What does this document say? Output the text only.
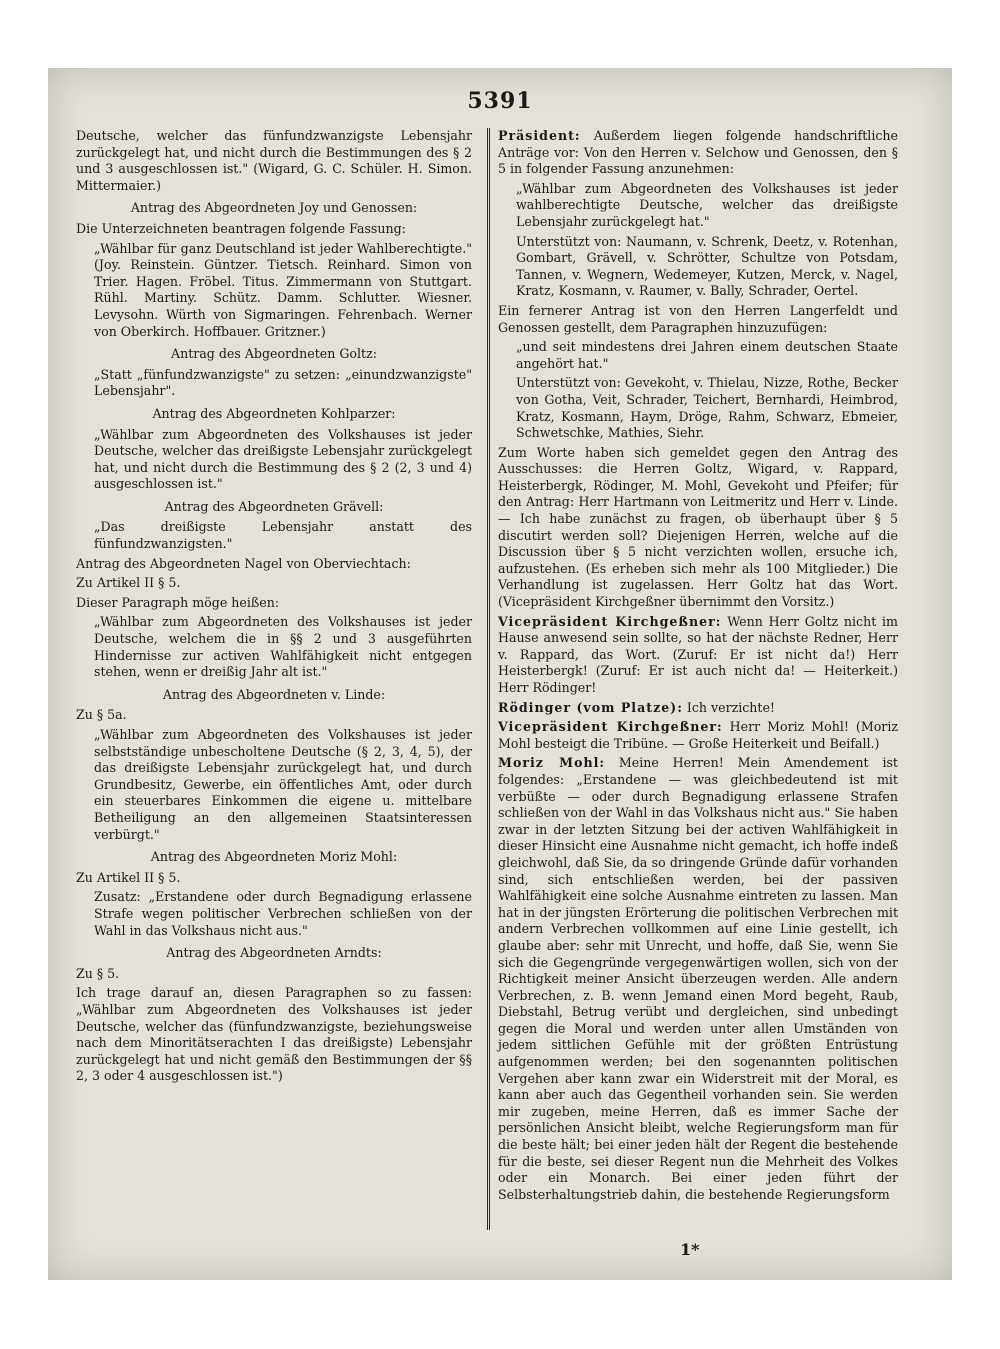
5391

Deutsche, welcher das fünfundzwanzigste Lebensjahr zurückgelegt hat, und nicht durch die Bestimmungen des § 2 und 3 ausgeschlossen ist." (Wigard, G. C. Schüler. H. Simon. Mittermaier.)

Antrag des Abgeordneten Joy und Genossen:

Die Unterzeichneten beantragen folgende Fassung:

„Wählbar für ganz Deutschland ist jeder Wahlberechtigte." (Joy. Reinstein. Güntzer. Tietsch. Reinhard. Simon von Trier. Hagen. Fröbel. Titus. Zimmermann von Stuttgart. Rühl. Martiny. Schütz. Damm. Schlutter. Wiesner. Levysohn. Würth von Sigmaringen. Fehrenbach. Werner von Oberkirch. Hoffbauer. Gritzner.)

Antrag des Abgeordneten Goltz:

„Statt „fünfundzwanzigste" zu setzen: „einundzwanzigste" Lebensjahr".

Antrag des Abgeordneten Kohlparzer:

„Wählbar zum Abgeordneten des Volkshauses ist jeder Deutsche, welcher das dreißigste Lebensjahr zurückgelegt hat, und nicht durch die Bestimmung des § 2 (2, 3 und 4) ausgeschlossen ist."

Antrag des Abgeordneten Grävell:

„Das dreißigste Lebensjahr anstatt des fünfundzwanzigsten."

Antrag des Abgeordneten Nagel von Oberviechtach:

Zu Artikel II § 5.

Dieser Paragraph möge heißen:

„Wählbar zum Abgeordneten des Volkshauses ist jeder Deutsche, welchem die in §§ 2 und 3 ausgeführten Hindernisse zur activen Wahlfähigkeit nicht entgegen stehen, wenn er dreißig Jahr alt ist."

Antrag des Abgeordneten v. Linde:

Zu § 5a.

„Wählbar zum Abgeordneten des Volkshauses ist jeder selbstständige unbescholtene Deutsche (§ 2, 3, 4, 5), der das dreißigste Lebensjahr zurückgelegt hat, und durch Grundbesitz, Gewerbe, ein öffentliches Amt, oder durch ein steuerbares Einkommen die eigene u. mittelbare Betheiligung an den allgemeinen Staatsinteressen verbürgt."

Antrag des Abgeordneten Moriz Mohl:

Zu Artikel II § 5.

Zusatz: „Erstandene oder durch Begnadigung erlassene Strafe wegen politischer Verbrechen schließen von der Wahl in das Volkshaus nicht aus."

Antrag des Abgeordneten Arndts:

Zu § 5.

Ich trage darauf an, diesen Paragraphen so zu fassen: „Wählbar zum Abgeordneten des Volkshauses ist jeder Deutsche, welcher das (fünfundzwanzigste, beziehungsweise nach dem Minoritätserachten I das dreißigste) Lebensjahr zurückgelegt hat und nicht gemäß den Bestimmungen der §§ 2, 3 oder 4 ausgeschlossen ist.")

Präsident: Außerdem liegen folgende handschriftliche Anträge vor: Von den Herren v. Selchow und Genossen, den § 5 in folgender Fassung anzunehmen:

„Wählbar zum Abgeordneten des Volkshauses ist jeder wahlberechtigte Deutsche, welcher das dreißigste Lebensjahr zurückgelegt hat."

Unterstützt von: Naumann, v. Schrenk, Deetz, v. Rotenhan, Gombart, Grävell, v. Schrötter, Schultze von Potsdam, Tannen, v. Wegnern, Wedemeyer, Kutzen, Merck, v. Nagel, Kratz, Kosmann, v. Raumer, v. Bally, Schrader, Oertel.

Ein fernerer Antrag ist von den Herren Langerfeldt und Genossen gestellt, dem Paragraphen hinzuzufügen:

„und seit mindestens drei Jahren einem deutschen Staate angehört hat."

Unterstützt von: Gevekoht, v. Thielau, Nizze, Rothe, Becker von Gotha, Veit, Schrader, Teichert, Bernhardi, Heimbrod, Kratz, Kosmann, Haym, Dröge, Rahm, Schwarz, Ebmeier, Schwetschke, Mathies, Siehr.

Zum Worte haben sich gemeldet gegen den Antrag des Ausschusses: die Herren Goltz, Wigard, v. Rappard, Heisterbergk, Rödinger, M. Mohl, Gevekoht und Pfeifer; für den Antrag: Herr Hartmann von Leitmeritz und Herr v. Linde. — Ich habe zunächst zu fragen, ob überhaupt über § 5 discutirt werden soll? Diejenigen Herren, welche auf die Discussion über § 5 nicht verzichten wollen, ersuche ich, aufzustehen. (Es erheben sich mehr als 100 Mitglieder.) Die Verhandlung ist zugelassen. Herr Goltz hat das Wort. (Vicepräsident Kirchgeßner übernimmt den Vorsitz.)

Vicepräsident Kirchgeßner: Wenn Herr Goltz nicht im Hause anwesend sein sollte, so hat der nächste Redner, Herr v. Rappard, das Wort. (Zuruf: Er ist nicht da!) Herr Heisterbergk! (Zuruf: Er ist auch nicht da! — Heiterkeit.) Herr Rödinger!

Rödinger (vom Platze): Ich verzichte!

Vicepräsident Kirchgeßner: Herr Moriz Mohl! (Moriz Mohl besteigt die Tribüne. — Große Heiterkeit und Beifall.)

Moriz Mohl: Meine Herren! Mein Amendement ist folgendes: „Erstandene — was gleichbedeutend ist mit verbüßte — oder durch Begnadigung erlassene Strafen schließen von der Wahl in das Volkshaus nicht aus." Sie haben zwar in der letzten Sitzung bei der activen Wahlfähigkeit in dieser Hinsicht eine Ausnahme nicht gemacht, ich hoffe indeß gleichwohl, daß Sie, da so dringende Gründe dafür vorhanden sind, sich entschließen werden, bei der passiven Wahlfähigkeit eine solche Ausnahme eintreten zu lassen. Man hat in der jüngsten Erörterung die politischen Verbrechen mit andern Verbrechen vollkommen auf eine Linie gestellt, ich glaube aber: sehr mit Unrecht, und hoffe, daß Sie, wenn Sie sich die Gegengründe vergegenwärtigen wollen, sich von der Richtigkeit meiner Ansicht überzeugen werden. Alle andern Verbrechen, z. B. wenn Jemand einen Mord begeht, Raub, Diebstahl, Betrug verübt und dergleichen, sind unbedingt gegen die Moral und werden unter allen Umständen von jedem sittlichen Gefühle mit der größten Entrüstung aufgenommen werden; bei den sogenannten politischen Vergehen aber kann zwar ein Widerstreit mit der Moral, es kann aber auch das Gegentheil vorhanden sein. Sie werden mir zugeben, meine Herren, daß es immer Sache der persönlichen Ansicht bleibt, welche Regierungsform man für die beste hält; bei einer jeden hält der Regent die bestehende für die beste, sei dieser Regent nun die Mehrheit des Volkes oder ein Monarch. Bei einer jeden führt der Selbsterhaltungstrieb dahin, die bestehende Regierungsform

1*
